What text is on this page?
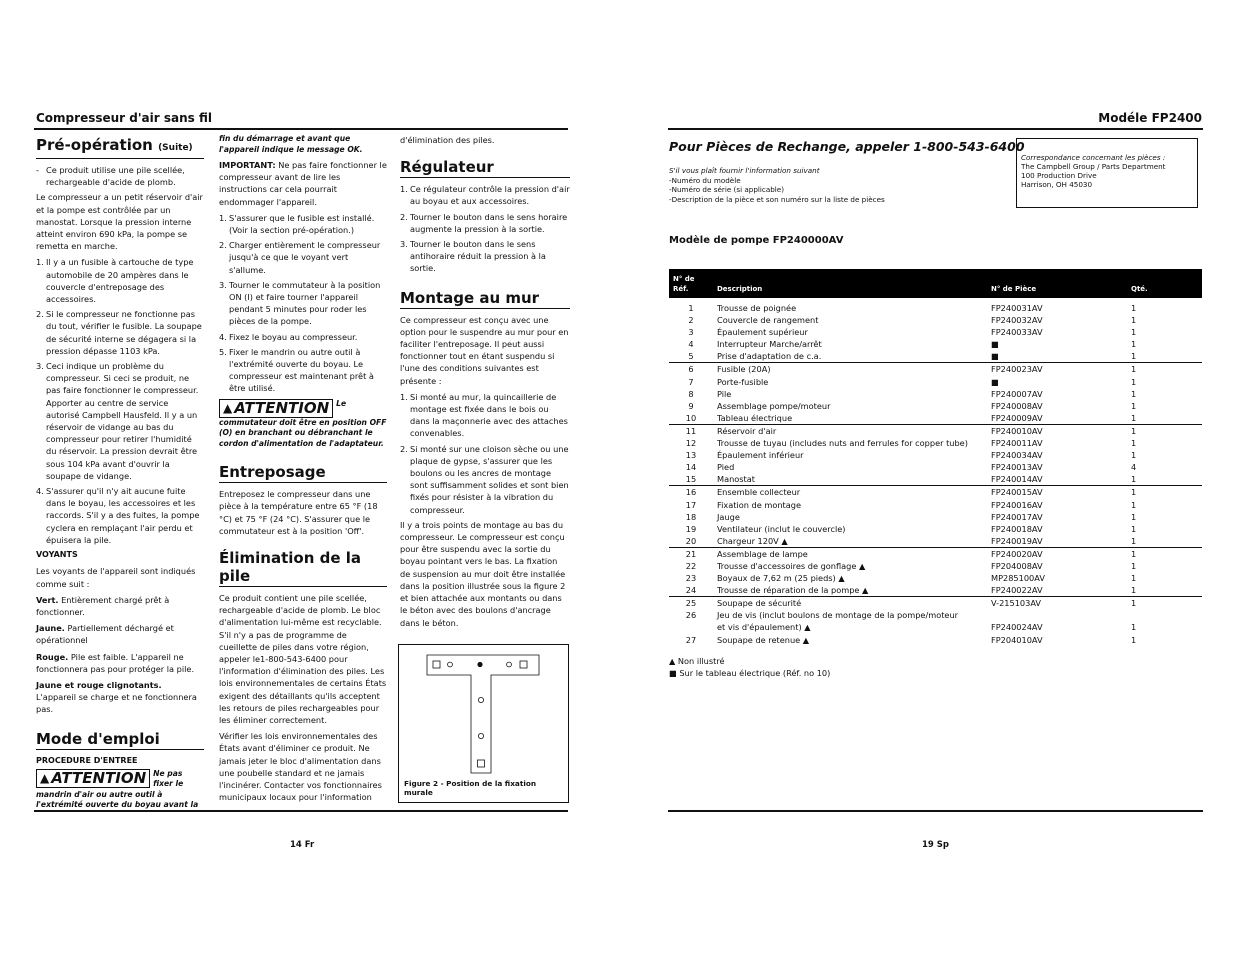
Compresseur d'air sans fil
Pré-opération (Suite)
- Ce produit utilise une pile scellée, rechargeable d'acide de plomb.

Le compresseur a un petit réservoir d'air et la pompe est contrôlée par un manostat. Lorsque la pression interne atteint environ 690 kPa, la pompe se remetta en marche.

1. Il y a un fusible à cartouche de type automobile de 20 ampères dans le couvercle d'entreposage des accessoires.
2. Si le compresseur ne fonctionne pas du tout, vérifier le fusible. La soupape de sécurité interne se dégagera si la pression dépasse 1103 kPa.
3. Ceci indique un problème du compresseur. Si ceci se produit, ne pas faire fonctionner le compresseur. Apporter au centre de service autorisé Campbell Hausfeld. Il y a un réservoir de vidange au bas du compresseur pour retirer l'humidité du réservoir. La pression devrait être sous 104 kPa avant d'ouvrir la soupape de vidange.
4. S'assurer qu'il n'y ait aucune fuite dans le boyau, les accessoires et les raccords. S'il y a des fuites, la pompe cyclera en remplaçant l'air perdu et épuisera la pile.

VOYANTS

Les voyants de l'appareil sont indiqués comme suit :

Vert. Entièrement chargé prêt à fonctionner.

Jaune. Partiellement déchargé et opérationnel

Rouge. Pile est faible. L'appareil ne fonctionnera pas pour protéger la pile.

Jaune et rouge clignotants. L'appareil se charge et ne fonctionnera pas.

Mode d'emploi

PROCEDURE D'ENTREE

▲ ATTENTION Ne pas fixer le mandrin d'air ou autre outil à l'extrémité ouverte du boyau avant la

fin du démarrage et avant que l'appareil indique le message OK.

IMPORTANT: Ne pas faire fonctionner le compresseur avant de lire les instructions car cela pourrait endommager l'appareil.

1. S'assurer que le fusible est installé. (Voir la section pré-opération.)
2. Charger entièrement le compresseur jusqu'à ce que le voyant vert s'allume.
3. Tourner le commutateur à la position ON (I) et faire tourner l'appareil pendant 5 minutes pour roder les pièces de la pompe.
4. Fixez le boyau au compresseur.
5. Fixer le mandrin ou autre outil à l'extrémité ouverte du boyau. Le compresseur est maintenant prêt à être utilisé.
▲ ATTENTION Le commutateur doit être en position OFF (O) en branchant ou débranchant le cordon d'alimentation de l'adaptateur.
Entreposage

Entreposez le compresseur dans une pièce à la température entre 65 °F (18 °C) et 75 °F (24 °C). S'assurer que le commutateur est à la position 'Off'.

Élimination de la pile

Ce produit contient une pile scellée, rechargeable d'acide de plomb. Le bloc d'alimentation lui-même est recyclable. S'il n'y a pas de programme de cueillette de piles dans votre région, appeler le1-800-543-6400 pour l'information d'élimination des piles. Les lois environnementales de certains États exigent des détaillants qu'ils acceptent les retours de piles rechargeables pour les éliminer correctement.

Vérifier les lois environnementales des États avant d'éliminer ce produit. Ne jamais jeter le bloc d'alimentation dans une poubelle standard et ne jamais l'incinérer. Contacter vos fonctionnaires municipaux locaux pour l'information

d'élimination des piles.

Régulateur
1. Ce régulateur contrôle la pression d'air au boyau et aux accessoires.
2. Tourner le bouton dans le sens horaire augmente la pression à la sortie.
3. Tourner le bouton dans le sens antihoraire réduit la pression à la sortie.
Montage au mur

Ce compresseur est conçu avec une option pour le suspendre au mur pour en faciliter l'entreposage. Il peut aussi fonctionner tout en étant suspendu si l'une des conditions suivantes est présente :

1. Si monté au mur, la quincaillerie de montage est fixée dans le bois ou dans la maçonnerie avec des attaches convenables.
2. Si monté sur une cloison sèche ou une plaque de gypse, s'assurer que les boulons ou les ancres de montage sont suffisamment solides et sont bien fixés pour résister à la vibration du compresseur.

Il y a trois points de montage au bas du compresseur. Le compresseur est conçu pour être suspendu avec la sortie du boyau pointant vers le bas. La fixation de suspension au mur doit être installée dans la position illustrée sous la figure 2 et bien attachée aux montants ou dans le béton avec des boulons d'ancrage dans le béton.

Figure 2 - Position de la fixation murale
14 Fr
Modéle FP2400
Pour Pièces de Rechange, appeler 1-800-543-6400
S'il vous plaît fournir l'information suivant
-Numéro du modèle
-Numéro de série (si applicable)
-Description de la pièce et son numéro sur la liste de pièces
Correspondance concernant les pièces :
The Campbell Group / Parts Department
100 Production Drive
Harrison, OH 45030
Modèle de pompe FP240000AV
N° de
Réf.	Description	N° de Pièce	Qté.
1	Trousse de poignée	FP240031AV	1
2	Couvercle de rangement	FP240032AV	1
3	Épaulement supérieur	FP240033AV	1
4	Interrupteur Marche/arrêt	■	1
5	Prise d'adaptation de c.a.	■	1
6	Fusible (20A)	FP240023AV	1
7	Porte-fusible	■	1
8	Pile	FP240007AV	1
9	Assemblage pompe/moteur	FP240008AV	1
10	Tableau électrique	FP240009AV	1
11	Réservoir d'air	FP240010AV	1
12	Trousse de tuyau (includes nuts and ferrules for copper tube)	FP240011AV	1
13	Épaulement inférieur	FP240034AV	1
14	Pied	FP240013AV	4
15	Manostat	FP240014AV	1
16	Ensemble collecteur	FP240015AV	1
17	Fixation de montage	FP240016AV	1
18	Jauge	FP240017AV	1
19	Ventilateur (inclut le couvercle)	FP240018AV	1
20	Chargeur 120V ▲	FP240019AV	1
21	Assemblage de lampe	FP240020AV	1
22	Trousse d'accessoires de gonflage ▲	FP204008AV	1
23	Boyaux de 7,62 m (25 pieds) ▲	MP285100AV	1
24	Trousse de réparation de la pompe ▲	FP240022AV	1
25	Soupape de sécurité	V-215103AV	1
26	Jeu de vis (inclut boulons de montage de la pompe/moteur		
	et vis d'épaulement) ▲	FP240024AV	1
27	Soupape de retenue ▲	FP204010AV	1
▲ Non illustré
■ Sur le tableau électrique (Réf. no 10)
19 Sp
